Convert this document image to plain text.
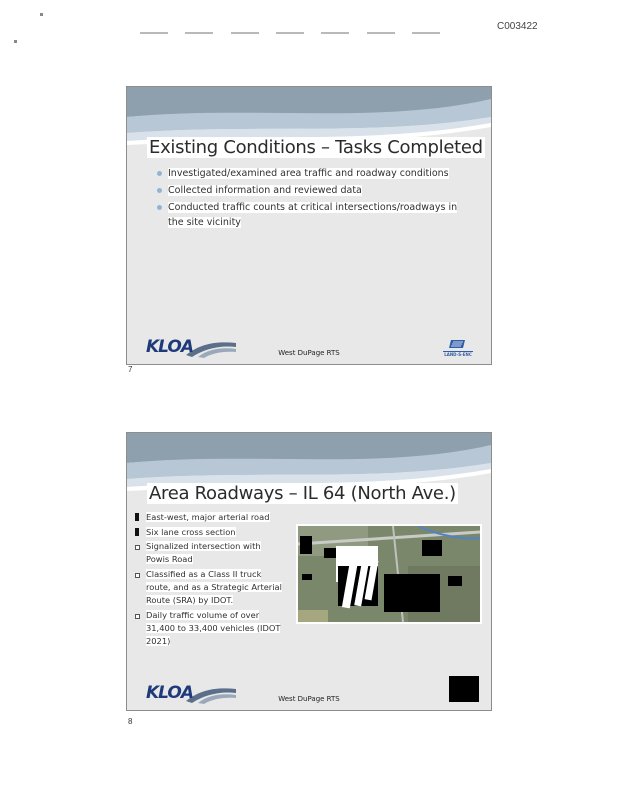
C003422
Existing Conditions – Tasks Completed
Investigated/examined area traffic and roadway conditions
Collected information and reviewed data
Conducted traffic counts at critical intersections/roadways in the site vicinity
KLOA	West DuPage RTS	LAND-S-ENC
7
Area Roadways – IL 64 (North Ave.)
East-west, major arterial road
Six lane cross section
Signalized intersection with Powis Road
Classified as a Class II truck route, and as a Strategic Arterial Route (SRA) by IDOT.
Daily traffic volume of over 31,400 to 33,400 vehicles (IDOT 2021)
KLOA	West DuPage RTS
8
